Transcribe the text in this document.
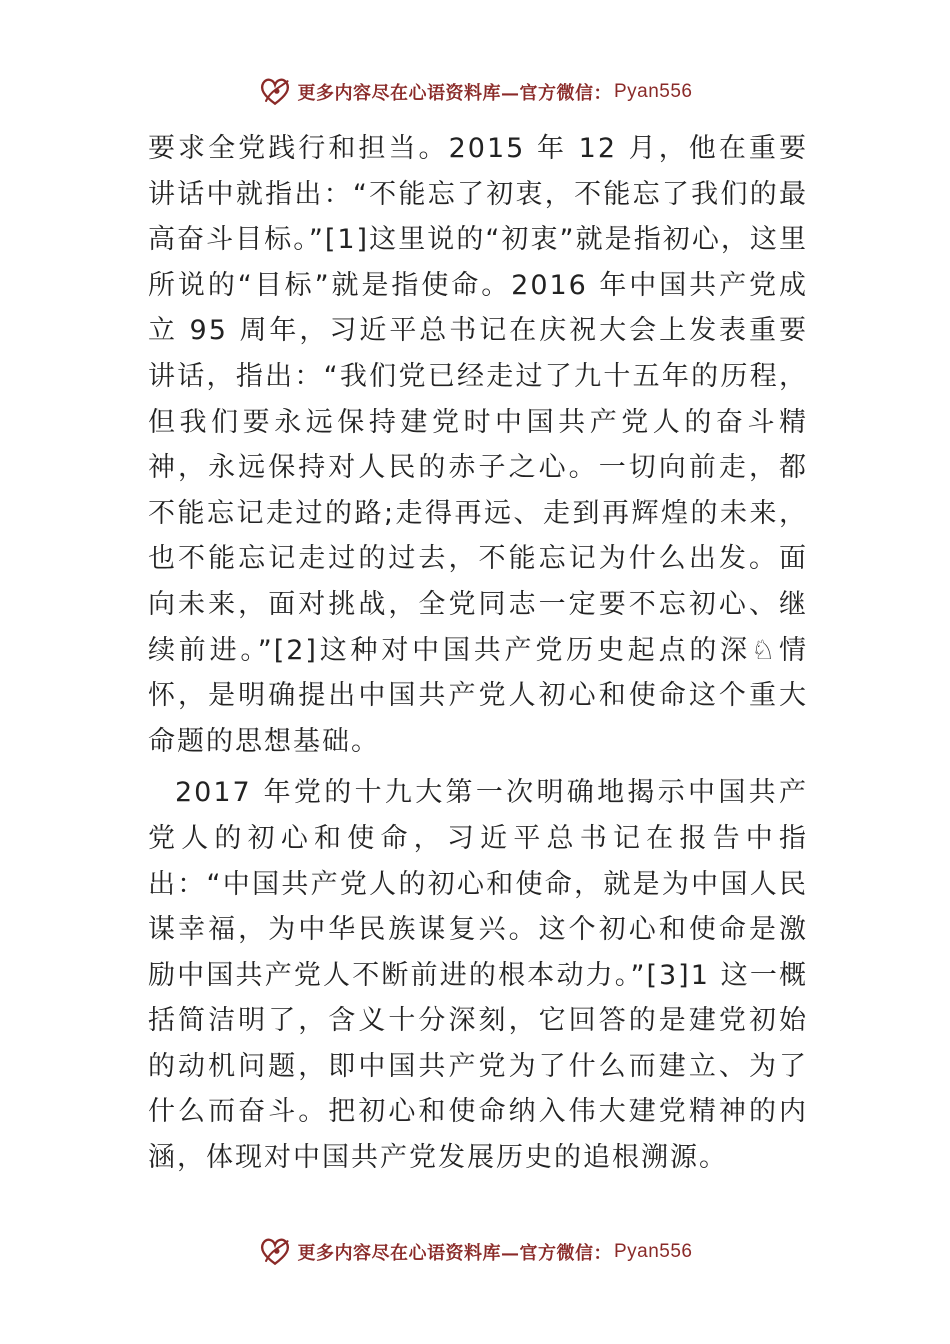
更多内容尽在心语资料库—官方微信： Pyan556

要求全党践行和担当。2015 年 12 月，他在重要讲话中就指出：“不能忘了初衷，不能忘了我们的最高奋斗目标。”[1]这里说的“初衷”就是指初心，这里所说的“目标”就是指使命。2016 年中国共产党成立 95 周年，习近平总书记在庆祝大会上发表重要讲话，指出：“我们党已经走过了九十五年的历程，但我们要永远保持建党时中国共产党人的奋斗精神，永远保持对人民的赤子之心。一切向前走，都不能忘记走过的路;走得再远、走到再辉煌的未来，也不能忘记走过的过去，不能忘记为什么出发。面向未来，面对挑战，全党同志一定要不忘初心、继续前进。”[2]这种对中国共产党历史起点的深♘情怀，是明确提出中国共产党人初心和使命这个重大命题的思想基础。

2017 年党的十九大第一次明确地揭示中国共产党人的初心和使命，习近平总书记在报告中指出：“中国共产党人的初心和使命，就是为中国人民谋幸福，为中华民族谋复兴。这个初心和使命是激励中国共产党人不断前进的根本动力。”[3]1 这一概括简洁明了，含义十分深刻，它回答的是建党初始的动机问题，即中国共产党为了什么而建立、为了什么而奋斗。把初心和使命纳入伟大建党精神的内涵，体现对中国共产党发展历史的追根溯源。

更多内容尽在心语资料库—官方微信： Pyan556
